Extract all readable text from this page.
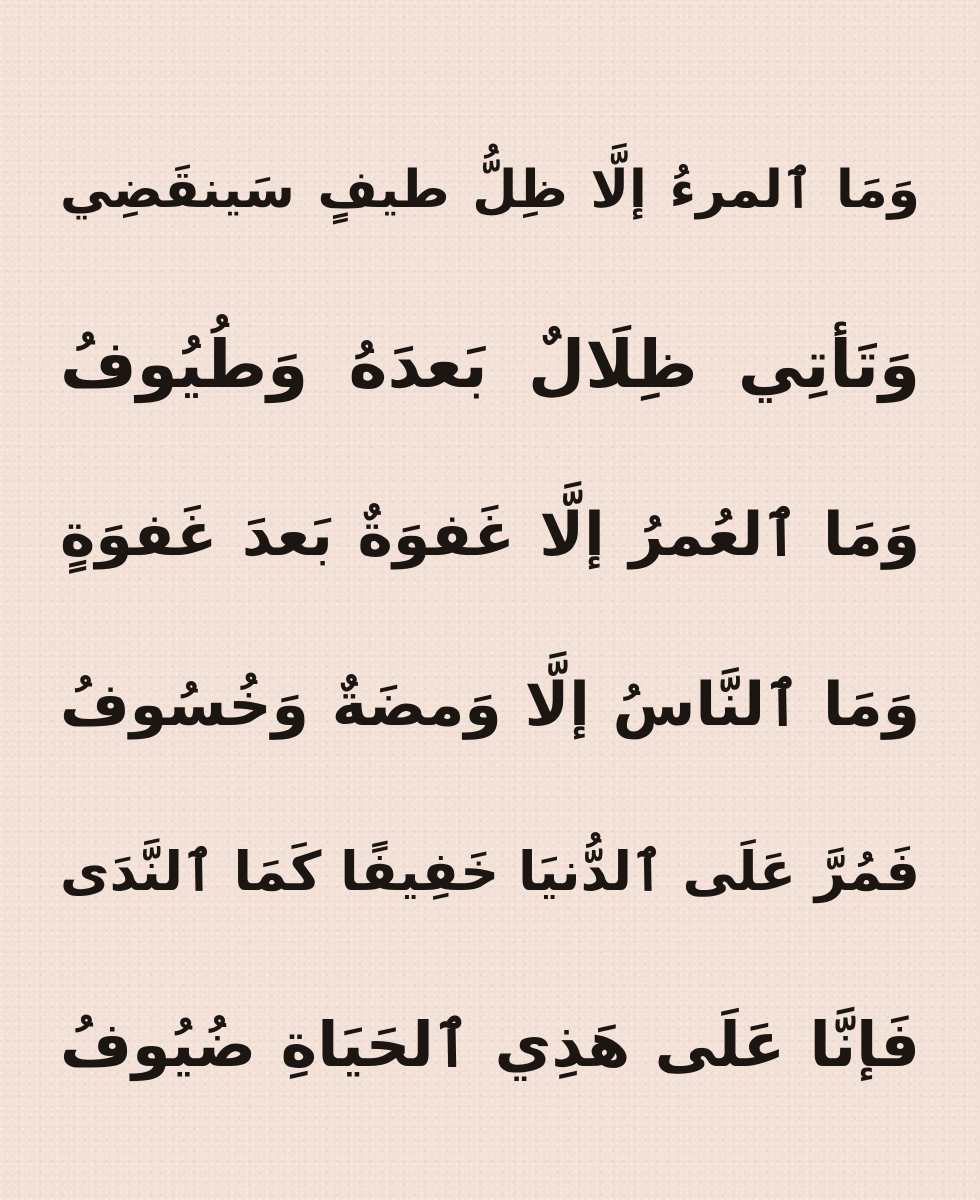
وَمَا ٱلمرءُ إلَّا ظِلُّ طيفٍ سَينقَضِي
وَتَأتِي ظِلَالٌ بَعدَهُ وَطُيُوفُ
وَمَا ٱلعُمرُ إلَّا غَفوَةٌ بَعدَ غَفوَةٍ
وَمَا ٱلنَّاسُ إلَّا وَمضَةٌ وَخُسُوفُ
فَمُرَّ عَلَى ٱلدُّنيَا خَفِيفًا كَمَا ٱلنَّدَى
فَإنَّا عَلَى هَذِي ٱلحَيَاةِ ضُيُوفُ
